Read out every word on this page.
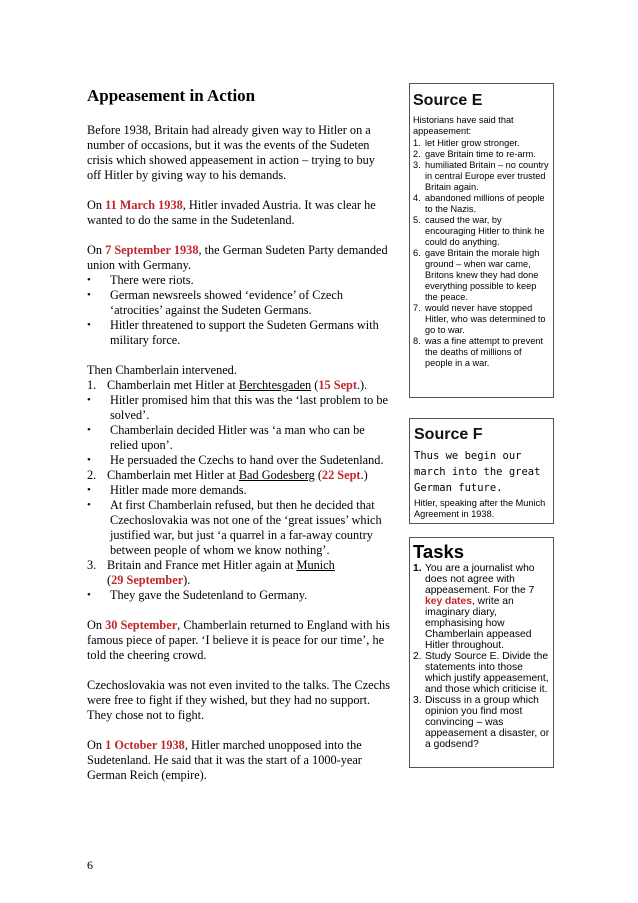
Appeasement in Action

Before 1938, Britain had already given way to Hitler on a number of occasions, but it was the events of the Sudeten crisis which showed appeasement in action – trying to buy off Hitler by giving way to his demands.

On 11 March 1938, Hitler invaded Austria. It was clear he wanted to do the same in the Sudetenland.

On 7 September 1938, the German Sudeten Party demanded union with Germany.

•	There were riots.
•	German newsreels showed ‘evidence’ of Czech ‘atrocities’ against the Sudeten Germans.
•	Hitler threatened to support the Sudeten Germans with military force.

Then Chamberlain intervened.

1. Chamberlain met Hitler at Berchtesgaden (15 Sept.).
•	Hitler promised him that this was the ‘last problem to be solved’.
•	Chamberlain decided Hitler was ‘a man who can be relied upon’.
•	He persuaded the Czechs to hand over the Sudetenland.
2. Chamberlain met Hitler at Bad Godesberg (22 Sept.)
•	Hitler made more demands.
•	At first Chamberlain refused, but then he decided that Czechoslovakia was not one of the ‘great issues’ which justified war, but just ‘a quarrel in a far-away country between people of whom we know nothing’.
3. Britain and France met Hitler again at Munich
(29 September).
•	They gave the Sudetenland to Germany.

On 30 September, Chamberlain returned to England with his famous piece of paper. ‘I believe it is peace for our time’, he told the cheering crowd.

Czechoslovakia was not even invited to the talks. The Czechs were free to fight if they wished, but they had no support. They chose not to fight.

On 1 October 1938, Hitler marched unopposed into the Sudetenland. He said that it was the start of a 1000-year German Reich (empire).

Source E

Historians have said that appeasement:

1. let Hitler grow stronger.
2. gave Britain time to re-arm.
3. humiliated Britain – no country in central Europe ever trusted Britain again.
4. abandoned millions of people to the Nazis.
5. caused the war, by encouraging Hitler to think he could do anything.
6. gave Britain the morale high ground – when war came, Britons knew they had done everything possible to keep the peace.
7. would never have stopped Hitler, who was determined to go to war.
8. was a fine attempt to prevent the deaths of millions of people in a war.
Source F

Thus we begin our march into the great German future.

Hitler, speaking after the Munich Agreement in 1938.

Tasks
1. You are a journalist who does not agree with appeasement. For the 7 key dates, write an imaginary diary, emphasising how Chamberlain appeased Hitler throughout.
2. Study Source E. Divide the statements into those which justify appeasement, and those which criticise it.
3. Discuss in a group which opinion you find most convincing – was appeasement a disaster, or a godsend?
6
